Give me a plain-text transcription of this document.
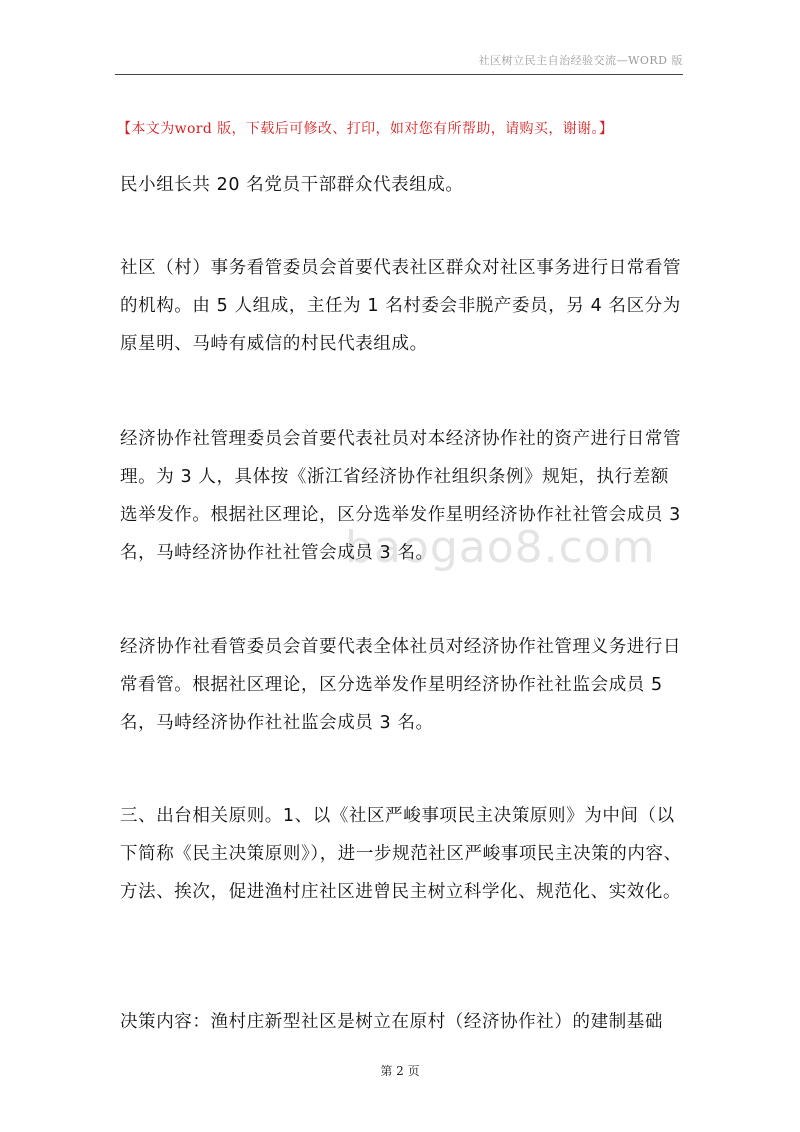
社区树立民主自治经验交流—WORD 版
【本文为word 版，下载后可修改、打印，如对您有所帮助，请购买，谢谢。】
baogao8.com

民小组长共 20 名党员干部群众代表组成。

社区（村）事务看管委员会首要代表社区群众对社区事务进行日常看管的机构。由 5 人组成，主任为 1 名村委会非脱产委员，另 4 名区分为原星明、马峙有威信的村民代表组成。

经济协作社管理委员会首要代表社员对本经济协作社的资产进行日常管理。为 3 人，具体按《浙江省经济协作社组织条例》规矩，执行差额选举发作。根据社区理论，区分选举发作星明经济协作社社管会成员 3 名，马峙经济协作社社管会成员 3 名。

经济协作社看管委员会首要代表全体社员对经济协作社管理义务进行日常看管。根据社区理论，区分选举发作星明经济协作社社监会成员 5 名，马峙经济协作社社监会成员 3 名。

三、出台相关原则。1、以《社区严峻事项民主决策原则》为中间（以下简称《民主决策原则》），进一步规范社区严峻事项民主决策的内容、方法、挨次，促进渔村庄社区进曾民主树立科学化、规范化、实效化。

决策内容：渔村庄新型社区是树立在原村（经济协作社）的建制基础

第 2 页
